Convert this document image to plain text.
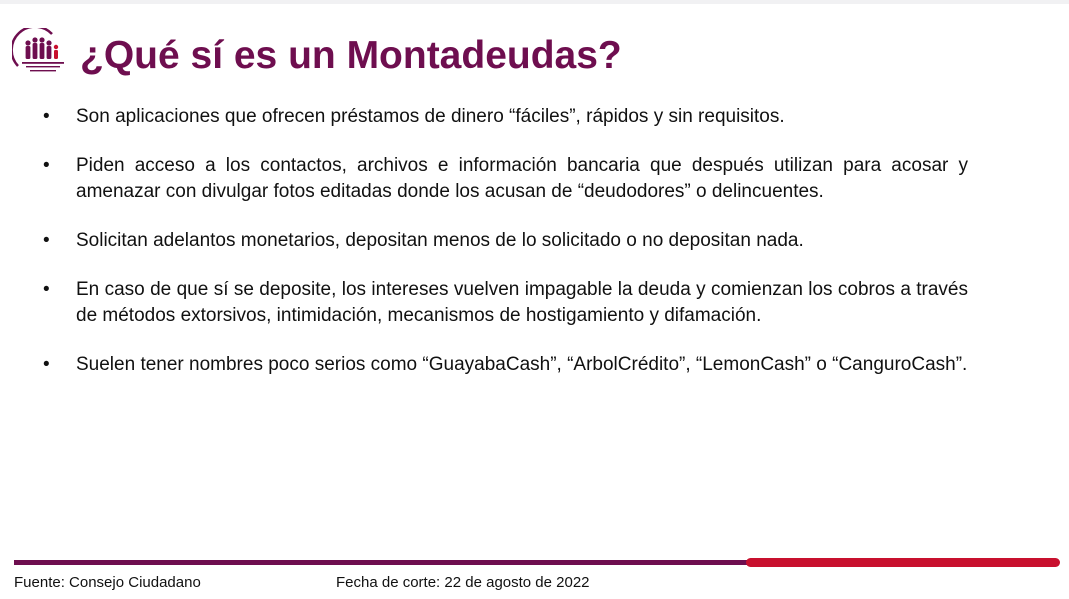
¿Qué sí es un Montadeudas?
• Son aplicaciones que ofrecen préstamos de dinero “fáciles”, rápidos y sin requisitos.
• Piden acceso a los contactos, archivos e información bancaria que después utilizan para acosar y amenazar con divulgar fotos editadas donde los acusan de “deudodores” o delincuentes.
• Solicitan adelantos monetarios, depositan menos de lo solicitado o no depositan nada.
• En caso de que sí se deposite, los intereses vuelven impagable la deuda y comienzan los cobros a través de métodos extorsivos, intimidación, mecanismos de hostigamiento y difamación.
• Suelen tener nombres poco serios como “GuayabaCash”, “ArbolCrédito”, “LemonCash” o “CanguroCash”.
Fuente: Consejo Ciudadano	Fecha de corte: 22 de agosto de 2022
